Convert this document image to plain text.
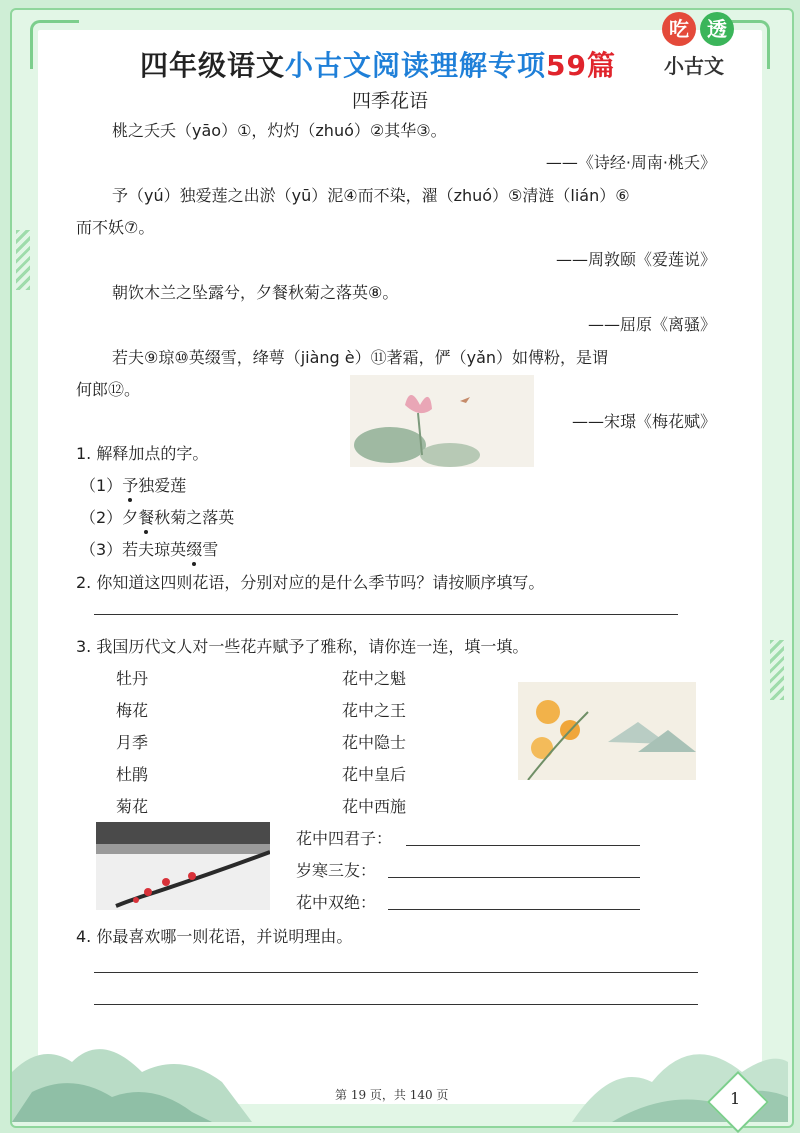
四年级语文小古文阅读理解专项59篇
吃 透
小古文
四季花语
桃之夭夭（yāo）①，灼灼（zhuó）②其华③。
——《诗经·周南·桃夭》
予（yú）独爱莲之出淤（yū）泥④而不染，濯（zhuó）⑤清涟（lián）⑥
而不妖⑦。
——周敦颐《爱莲说》
朝饮木兰之坠露兮，夕餐秋菊之落英⑧。
——屈原《离骚》
若夫⑨琼⑩英缀雪，绛萼（jiàng è）⑪著霜，俨（yǎn）如傅粉，是谓
何郎⑫。
——宋璟《梅花赋》
1. 解释加点的字。
（1）予独爱莲
（2）夕餐秋菊之落英
（3）若夫琼英缀雪
2. 你知道这四则花语，分别对应的是什么季节吗？请按顺序填写。
3. 我国历代文人对一些花卉赋予了雅称，请你连一连，填一填。
牡丹
梅花
月季
杜鹃
菊花
花中之魁
花中之王
花中隐士
花中皇后
花中西施
花中四君子：
岁寒三友：
花中双绝：
4. 你最喜欢哪一则花语，并说明理由。
第 19 页，共 140 页	1
